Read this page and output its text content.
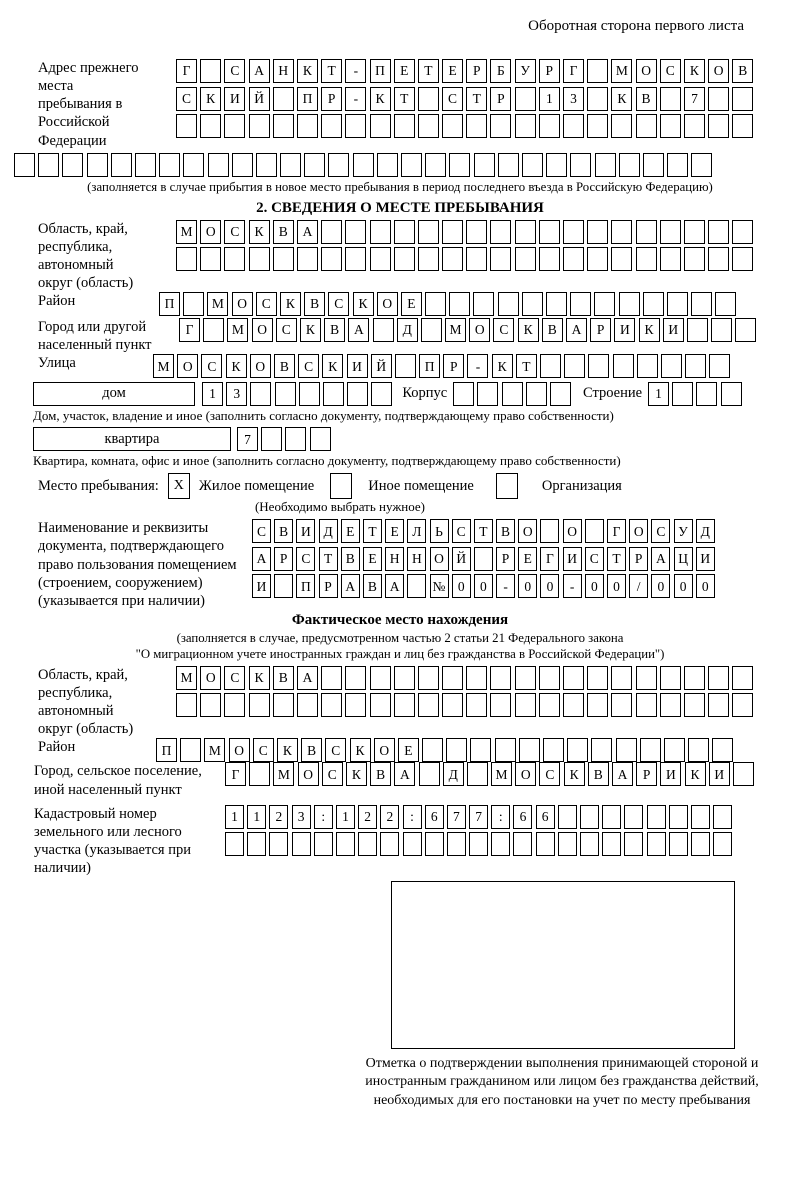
Оборотная сторона первого листа
Адрес прежнего места пребывания в Российской Федерации
Г	С	А	Н	К	Т	-	П	Е	Т	Е	Р	Б	У	Р	Г	М О	С	К	О	В
С	К	И	Й	П	Р	-	К	Т	С	Т	Р	1	3	К	В	7
(заполняется в случае прибытия в новое место пребывания в период последнего въезда в Российскую Федерацию)
2. СВЕДЕНИЯ О МЕСТЕ ПРЕБЫВАНИЯ
Область, край, республика, автономный округ (область)
М О	С	К	В	А
Район	П	М О	С	К	В	С	К	О	Е
Город или другой населенный пункт
Г	М О	С	К	В	А	Д	М О	С	К	В	А	Р	И	К	И
Улица	М О	С	К	О	В	С	К	И	Й	П	Р	-	К	Т
дом	1	3	Корпус	Строение 1
Дом, участок, владение и иное (заполнить согласно документу, подтверждающему право собственности)
квартира	7
Квартира, комната, офис и иное (заполнить согласно документу, подтверждающему право собственности)
Место пребывания:	X	Жилое помещение	Иное помещение	Организация
(Необходимо выбрать нужное)
Наименование и реквизиты документа, подтверждающего право пользования помещением (строением, сооружением) (указывается при наличии)
С В И Д Е	Т	Е Л	Ь	С	Т	В О	О	Г О С У Д
А	Р	С	Т	В	Е Н Н О Й	Р	Е	Г И С	Т	Р	А Ц И
И	П	Р	А В А	№ 0	0	-	0	0	-	0	0	/	0	0	0
Фактическое место нахождения
(заполняется в случае, предусмотренном частью 2 статьи 21 Федерального закона
"О миграционном учете иностранных граждан и лиц без гражданства в Российской Федерации")
Область, край, республика, автономный округ (область)
М О	С	К	В	А
Район	П	М О	С	К	В	С	К	О	Е
Город, сельское поселение, иной населенный пункт
Г	М О	С	К	В	А	Д	М О	С	К	В	А	Р	И	К	И
Кадастровый номер земельного или лесного участка (указывается при наличии)
1	1	2	3	:	1	2	2	:	6	7	7	:	6	6
Отметка о подтверждении выполнения принимающей стороной и иностранным гражданином или лицом без гражданства действий, необходимых для его постановки на учет по месту пребывания
